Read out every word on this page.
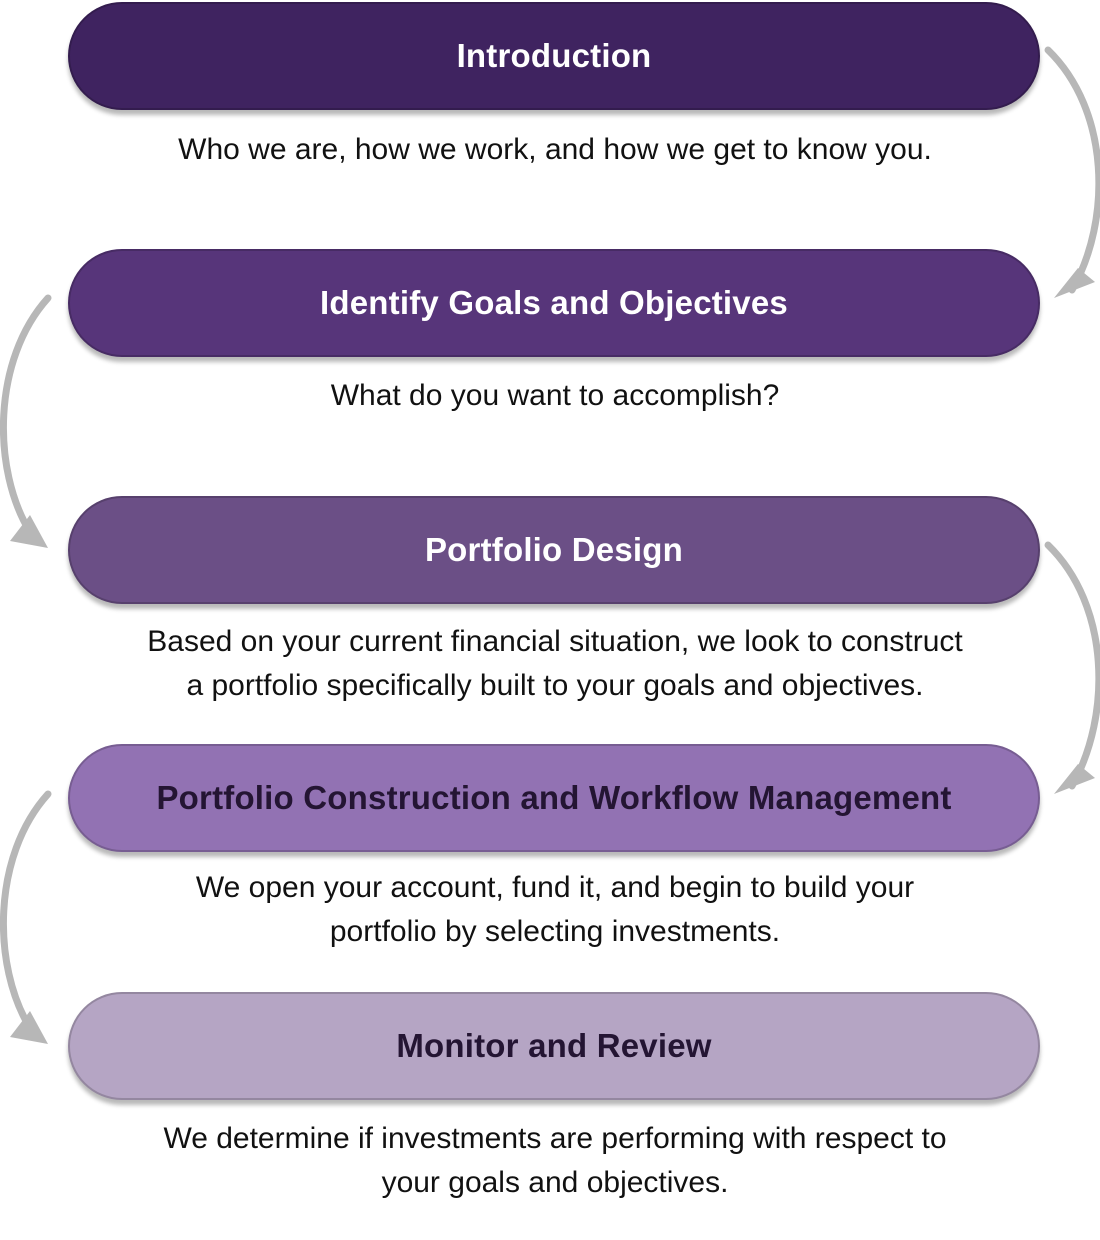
Introduction
Who we are, how we work, and how we get to know you.
Identify Goals and Objectives
What do you want to accomplish?
Portfolio Design
Based on your current financial situation, we look to construct
a portfolio specifically built to your goals and objectives.
Portfolio Construction and Workflow Management
We open your account, fund it, and begin to build your
portfolio by selecting investments.
Monitor and Review
We determine if investments are performing with respect to
your goals and objectives.
